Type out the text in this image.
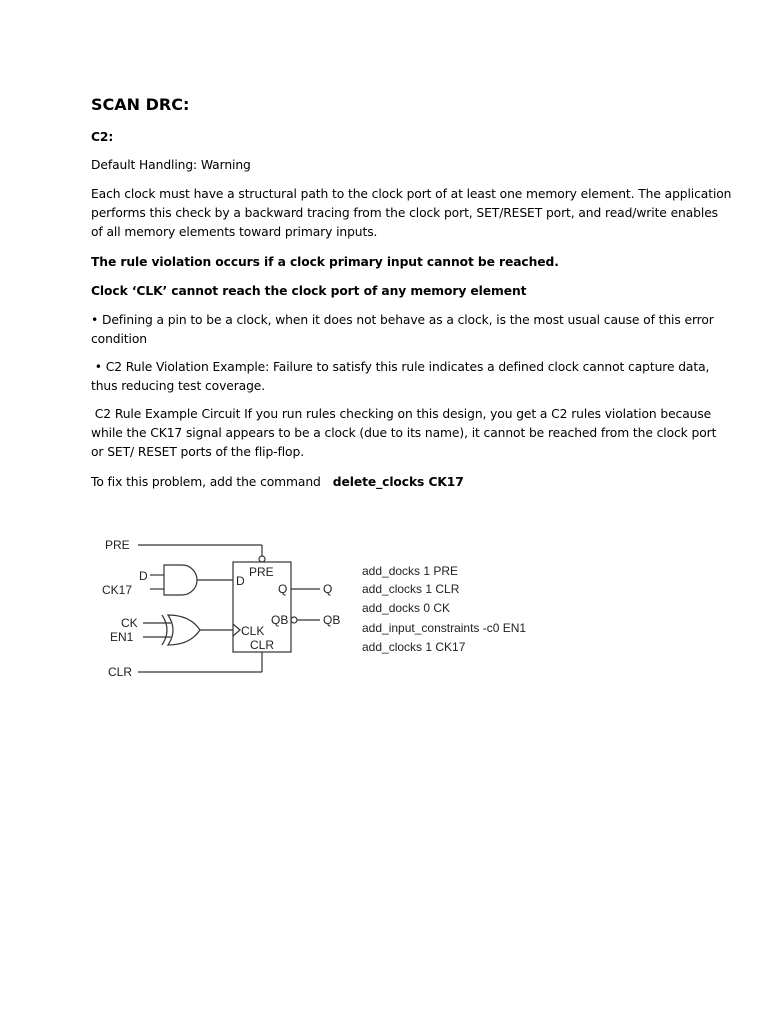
SCAN DRC:
C2:
Default Handling: Warning
Each clock must have a structural path to the clock port of at least one memory element. The application
performs this check by a backward tracing from the clock port, SET/RESET port, and read/write enables
of all memory elements toward primary inputs.
The rule violation occurs if a clock primary input cannot be reached.
Clock ‘CLK’ cannot reach the clock port of any memory element
• Defining a pin to be a clock, when it does not behave as a clock, is the most usual cause of this error
condition
• C2 Rule Violation Example: Failure to satisfy this rule indicates a defined clock cannot capture data,
thus reducing test coverage.
C2 Rule Example Circuit If you run rules checking on this design, you get a C2 rules violation because
while the CK17 signal appears to be a clock (due to its name), it cannot be reached from the clock port
or SET/ RESET ports of the flip-flop.
To fix this problem, add the command delete_clocks CK17
PRE
D
CK17
CK
EN1
CLR
PRE
D
Q
QB
CLK
CLR
Q
QB
add_docks 1 PRE
add_clocks 1 CLR
add_docks 0 CK
add_input_constraints -c0 EN1
add_clocks 1 CK17
